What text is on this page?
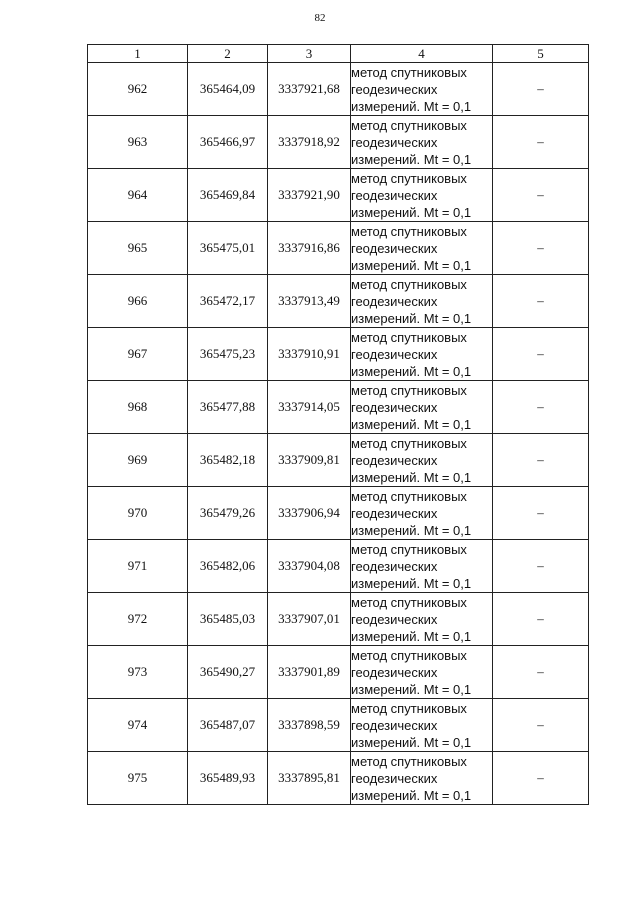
82
1	2	3	4	5
962	365464,09	3337921,68	метод спутниковых
геодезических
измерений. Mt = 0,1	–
963	365466,97	3337918,92	метод спутниковых
геодезических
измерений. Mt = 0,1	–
964	365469,84	3337921,90	метод спутниковых
геодезических
измерений. Mt = 0,1	–
965	365475,01	3337916,86	метод спутниковых
геодезических
измерений. Mt = 0,1	–
966	365472,17	3337913,49	метод спутниковых
геодезических
измерений. Mt = 0,1	–
967	365475,23	3337910,91	метод спутниковых
геодезических
измерений. Mt = 0,1	–
968	365477,88	3337914,05	метод спутниковых
геодезических
измерений. Mt = 0,1	–
969	365482,18	3337909,81	метод спутниковых
геодезических
измерений. Mt = 0,1	–
970	365479,26	3337906,94	метод спутниковых
геодезических
измерений. Mt = 0,1	–
971	365482,06	3337904,08	метод спутниковых
геодезических
измерений. Mt = 0,1	–
972	365485,03	3337907,01	метод спутниковых
геодезических
измерений. Mt = 0,1	–
973	365490,27	3337901,89	метод спутниковых
геодезических
измерений. Mt = 0,1	–
974	365487,07	3337898,59	метод спутниковых
геодезических
измерений. Mt = 0,1	–
975	365489,93	3337895,81	метод спутниковых
геодезических
измерений. Mt = 0,1	–
